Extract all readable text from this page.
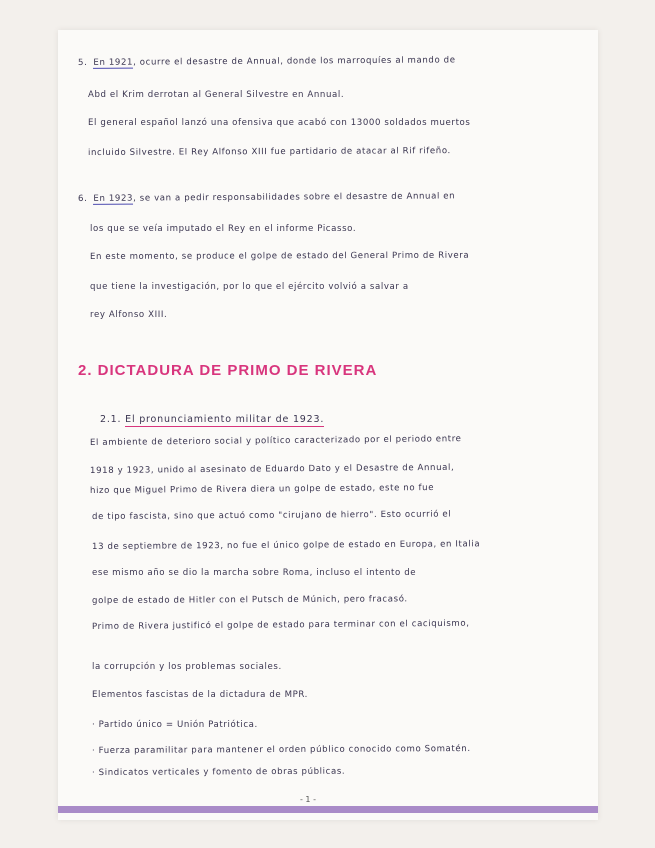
5. En 1921, ocurre el desastre de Annual, donde los marroquíes al mando de
Abd el Krim derrotan al General Silvestre en Annual.
El general español lanzó una ofensiva que acabó con 13000 soldados muertos
incluido Silvestre. El Rey Alfonso XIII fue partidario de atacar al Rif rifeño.
6. En 1923, se van a pedir responsabilidades sobre el desastre de Annual en
los que se veía imputado el Rey en el informe Picasso.
En este momento, se produce el golpe de estado del General Primo de Rivera
que tiene la investigación, por lo que el ejército volvió a salvar a
rey Alfonso XIII.
2. DICTADURA DE PRIMO DE RIVERA
2.1. El pronunciamiento militar de 1923.
El ambiente de deterioro social y político caracterizado por el periodo entre
1918 y 1923, unido al asesinato de Eduardo Dato y el Desastre de Annual,
hizo que Miguel Primo de Rivera diera un golpe de estado, este no fue
de tipo fascista, sino que actuó como "cirujano de hierro". Esto ocurrió el
13 de septiembre de 1923, no fue el único golpe de estado en Europa, en Italia
ese mismo año se dio la marcha sobre Roma, incluso el intento de
golpe de estado de Hitler con el Putsch de Múnich, pero fracasó.
Primo de Rivera justificó el golpe de estado para terminar con el caciquismo,
la corrupción y los problemas sociales.
Elementos fascistas de la dictadura de MPR.
· Partido único = Unión Patriótica.
· Fuerza paramilitar para mantener el orden público conocido como Somatén.
· Sindicatos verticales y fomento de obras públicas.
- 1 -
